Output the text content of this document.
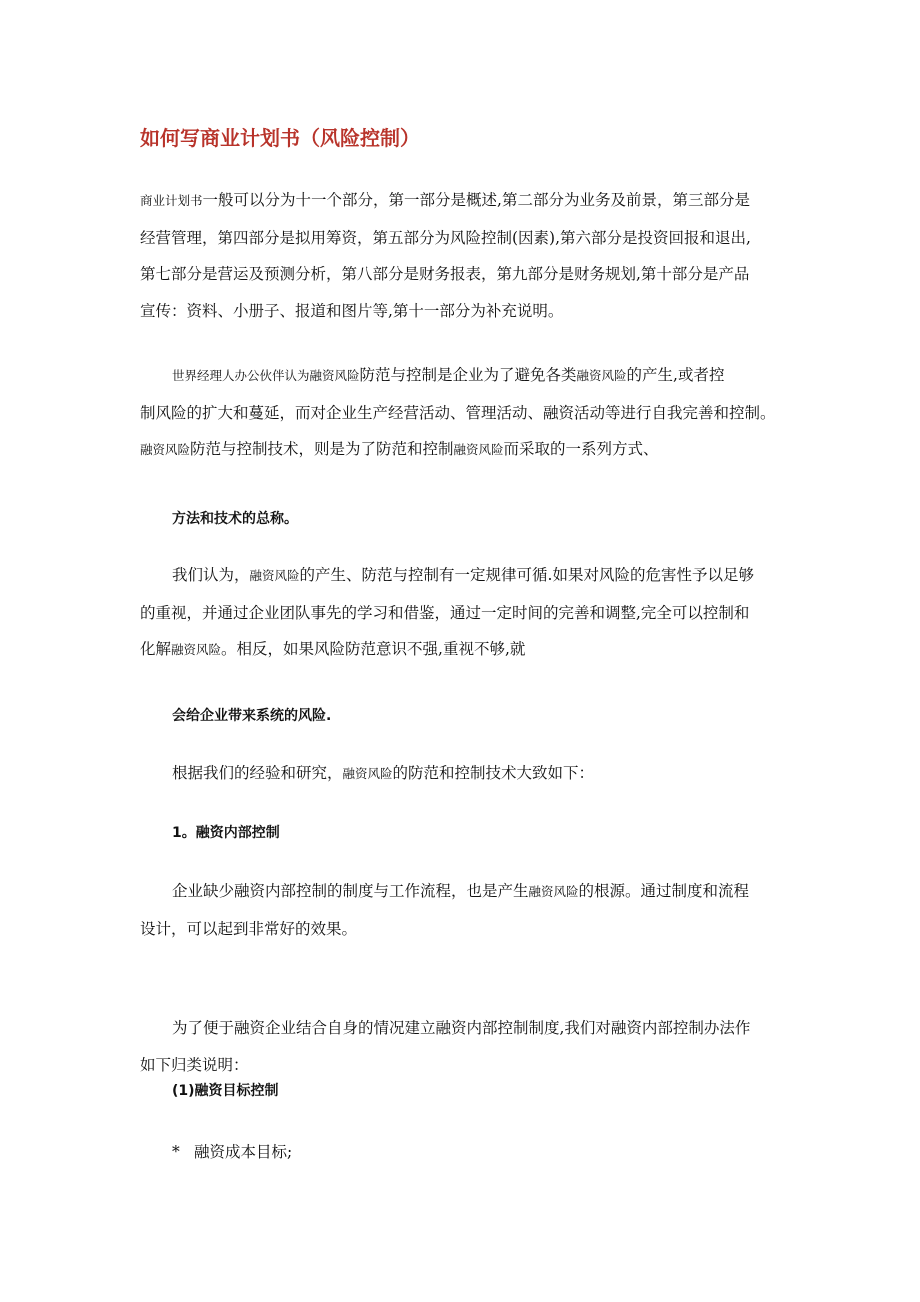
如何写商业计划书（风险控制）
商业计划书一般可以分为十一个部分，第一部分是概述,第二部分为业务及前景，第三部分是
经营管理，第四部分是拟用筹资，第五部分为风险控制(因素),第六部分是投资回报和退出,
第七部分是营运及预测分析，第八部分是财务报表，第九部分是财务规划,第十部分是产品
宣传：资料、小册子、报道和图片等,第十一部分为补充说明。
世界经理人办公伙伴认为融资风险防范与控制是企业为了避免各类融资风险的产生,或者控
制风险的扩大和蔓延，而对企业生产经营活动、管理活动、融资活动等进行自我完善和控制。
融资风险防范与控制技术，则是为了防范和控制融资风险而采取的一系列方式、
方法和技术的总称。
我们认为，融资风险的产生、防范与控制有一定规律可循.如果对风险的危害性予以足够
的重视，并通过企业团队事先的学习和借鉴，通过一定时间的完善和调整,完全可以控制和
化解融资风险。相反，如果风险防范意识不强,重视不够,就
会给企业带来系统的风险.
根据我们的经验和研究，融资风险的防范和控制技术大致如下：
1。融资内部控制
企业缺少融资内部控制的制度与工作流程，也是产生融资风险的根源。通过制度和流程
设计，可以起到非常好的效果。
为了便于融资企业结合自身的情况建立融资内部控制制度,我们对融资内部控制办法作
如下归类说明：
(1)融资目标控制
* 融资成本目标;
